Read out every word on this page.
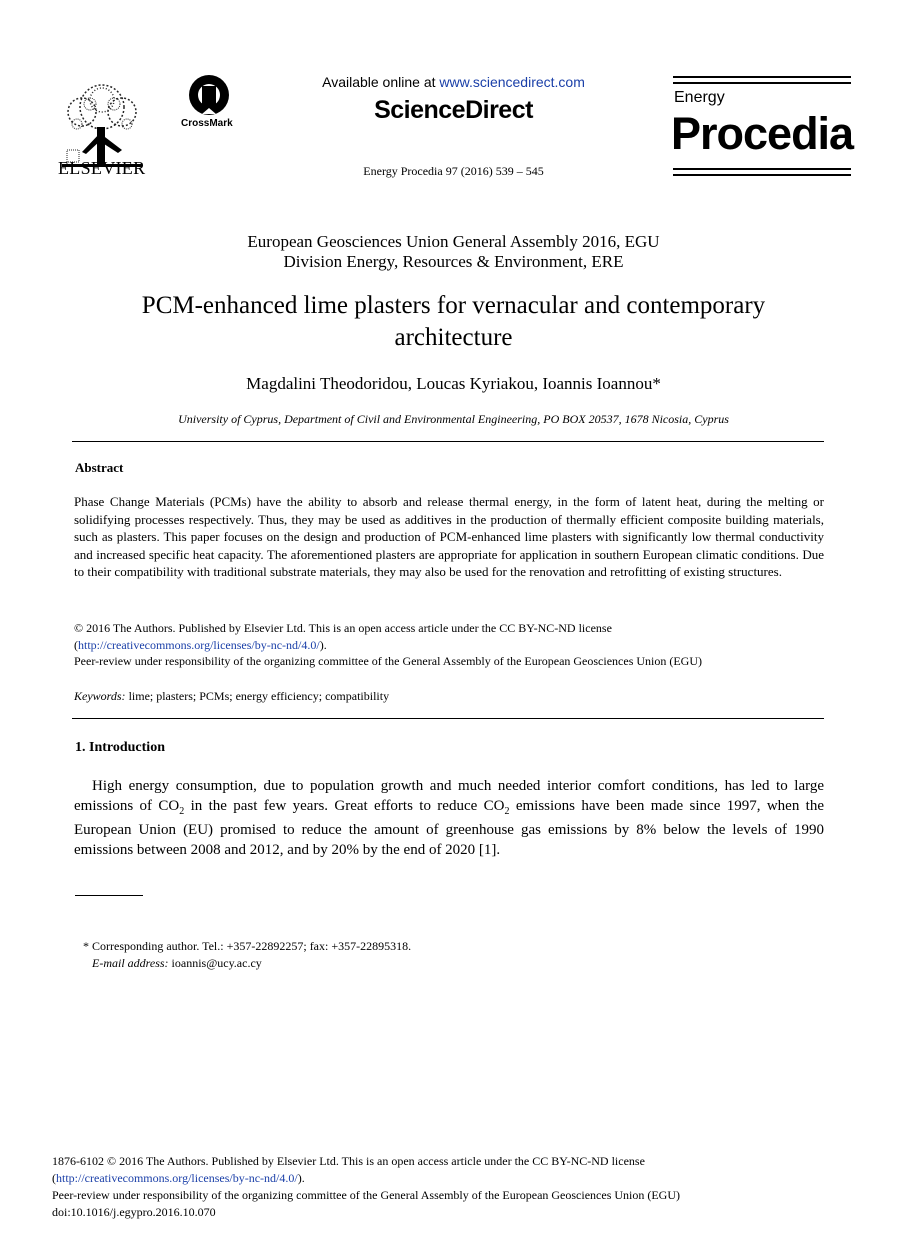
ELSEVIER
CrossMark
Available online at www.sciencedirect.com
ScienceDirect
Energy Procedia 97 (2016) 539 – 545
Energy
Procedia
European Geosciences Union General Assembly 2016, EGU
Division Energy, Resources & Environment, ERE
PCM-enhanced lime plasters for vernacular and contemporary
architecture
Magdalini Theodoridou, Loucas Kyriakou, Ioannis Ioannou*
University of Cyprus, Department of Civil and Environmental Engineering, PO BOX 20537, 1678 Nicosia, Cyprus
Abstract
Phase Change Materials (PCMs) have the ability to absorb and release thermal energy, in the form of latent heat, during the melting or solidifying processes respectively. Thus, they may be used as additives in the production of thermally efficient composite building materials, such as plasters. This paper focuses on the design and production of PCM-enhanced lime plasters with significantly low thermal conductivity and increased specific heat capacity. The aforementioned plasters are appropriate for application in southern European climatic conditions. Due to their compatibility with traditional substrate materials, they may also be used for the renovation and retrofitting of existing structures.
© 2016 The Authors. Published by Elsevier Ltd. This is an open access article under the CC BY-NC-ND license
(http://creativecommons.org/licenses/by-nc-nd/4.0/).
Peer-review under responsibility of the organizing committee of the General Assembly of the European Geosciences Union (EGU)
Keywords: lime; plasters; PCMs; energy efficiency; compatibility
1. Introduction
High energy consumption, due to population growth and much needed interior comfort conditions, has led to large emissions of $CO_2$ in the past few years. Great efforts to reduce $CO_2$ emissions have been made since 1997, when the European Union (EU) promised to reduce the amount of greenhouse gas emissions by 8% below the levels of 1990 emissions between 2008 and 2012, and by 20% by the end of 2020 [1].
* Corresponding author. Tel.: +357-22892257; fax: +357-22895318.
E-mail address: ioannis@ucy.ac.cy
1876-6102 © 2016 The Authors. Published by Elsevier Ltd. This is an open access article under the CC BY-NC-ND license
(http://creativecommons.org/licenses/by-nc-nd/4.0/).
Peer-review under responsibility of the organizing committee of the General Assembly of the European Geosciences Union (EGU)
doi:10.1016/j.egypro.2016.10.070
